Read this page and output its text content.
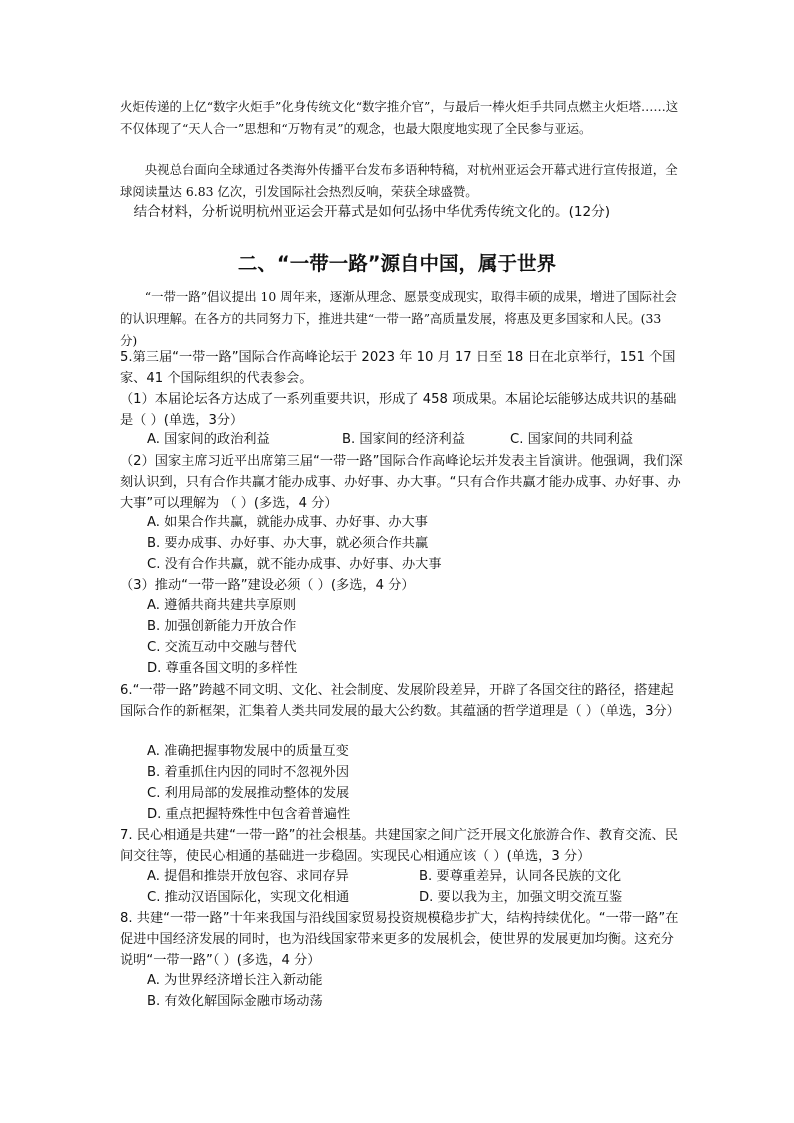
火炬传递的上亿“数字火炬手”化身传统文化“数字推介官”，与最后一棒火炬手共同点燃主火炬塔……这不仅体现了“天人合一”思想和“万物有灵”的观念，也最大限度地实现了全民参与亚运。

央视总台面向全球通过各类海外传播平台发布多语种特稿，对杭州亚运会开幕式进行宣传报道，全球阅读量达 6.83 亿次，引发国际社会热烈反响，荣获全球盛赞。

结合材料，分析说明杭州亚运会开幕式是如何弘扬中华优秀传统文化的。(12分)

二、“一带一路”源自中国，属于世界

“一带一路”倡议提出 10 周年来，逐渐从理念、愿景变成现实，取得丰硕的成果，增进了国际社会的认识理解。在各方的共同努力下，推进共建“一带一路”高质量发展，将惠及更多国家和人民。(33 分)

5.第三届“一带一路”国际合作高峰论坛于 2023 年 10 月 17 日至 18 日在北京举行，151 个国家、41 个国际组织的代表参会。

（1）本届论坛各方达成了一系列重要共识，形成了 458 项成果。本届论坛能够达成共识的基础是（ ）(单选，3分）

A. 国家间的政治利益	B. 国家间的经济利益	C. 国家间的共同利益

（2）国家主席习近平出席第三届“一带一路”国际合作高峰论坛并发表主旨演讲。他强调，我们深刻认识到，只有合作共赢才能办成事、办好事、办大事。“只有合作共赢才能办成事、办好事、办大事”可以理解为 （ ）(多选，4 分）

A. 如果合作共赢，就能办成事、办好事、办大事
B. 要办成事、办好事、办大事，就必须合作共赢
C. 没有合作共赢，就不能办成事、办好事、办大事

（3）推动“一带一路”建设必须（ ）(多选，4 分）

A. 遵循共商共建共享原则
B. 加强创新能力开放合作
C. 交流互动中交融与替代
D. 尊重各国文明的多样性

6.“一带一路”跨越不同文明、文化、社会制度、发展阶段差异，开辟了各国交往的路径，搭建起国际合作的新框架，汇集着人类共同发展的最大公约数。其蕴涵的哲学道理是（ ）（单选，3分）

A. 准确把握事物发展中的质量互变
B. 着重抓住内因的同时不忽视外因
C. 利用局部的发展推动整体的发展
D. 重点把握特殊性中包含着普遍性

7. 民心相通是共建“一带一路”的社会根基。共建国家之间广泛开展文化旅游合作、教育交流、民间交往等，使民心相通的基础进一步稳固。实现民心相通应该（ ）(单选，3 分）

A. 提倡和推崇开放包容、求同存异	B. 要尊重差异，认同各民族的文化
C. 推动汉语国际化，实现文化相通	D. 要以我为主，加强文明交流互鉴

8. 共建“一带一路”十年来我国与沿线国家贸易投资规模稳步扩大，结构持续优化。“一带一路”在促进中国经济发展的同时，也为沿线国家带来更多的发展机会，使世界的发展更加均衡。这充分说明“一带一路”（ ）(多选，4 分）

A. 为世界经济增长注入新动能
B. 有效化解国际金融市场动荡
